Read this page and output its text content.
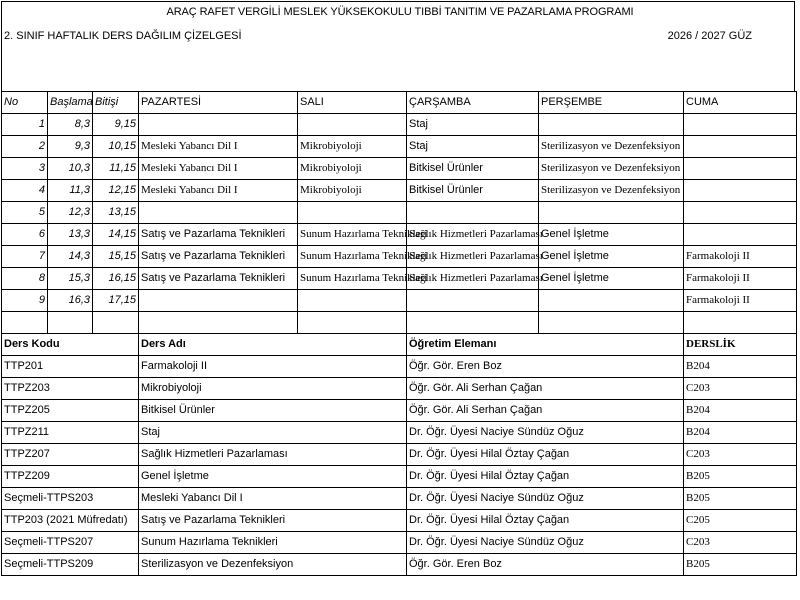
ARAÇ RAFET VERGİLİ MESLEK YÜKSEKOKULU TIBBİ TANITIM VE PAZARLAMA PROGRAMI
2. SINIF HAFTALIK DERS DAĞILIM ÇİZELGESİ	2026 / 2027 GÜZ
No	Başlama	Bitişi	PAZARTESİ	SALI	ÇARŞAMBA	PERŞEMBE	CUMA
1	8,3	9,15			Staj		
2	9,3	10,15	Mesleki Yabancı Dil I	Mikrobiyoloji	Staj	Sterilizasyon ve Dezenfeksiyon	
3	10,3	11,15	Mesleki Yabancı Dil I	Mikrobiyoloji	Bitkisel Ürünler	Sterilizasyon ve Dezenfeksiyon	
4	11,3	12,15	Mesleki Yabancı Dil I	Mikrobiyoloji	Bitkisel Ürünler	Sterilizasyon ve Dezenfeksiyon	
5	12,3	13,15					
6	13,3	14,15	Satış ve Pazarlama Teknikleri	Sunum Hazırlama Teknikleri	Sağlık Hizmetleri Pazarlaması	Genel İşletme	
7	14,3	15,15	Satış ve Pazarlama Teknikleri	Sunum Hazırlama Teknikleri	Sağlık Hizmetleri Pazarlaması	Genel İşletme	Farmakoloji II
8	15,3	16,15	Satış ve Pazarlama Teknikleri	Sunum Hazırlama Teknikleri	Sağlık Hizmetleri Pazarlaması	Genel İşletme	Farmakoloji II
9	16,3	17,15					Farmakoloji II

Ders Kodu			Ders Adı		Öğretim Elemanı		DERSLİK
TTP201			Farmakoloji II		Öğr. Gör. Eren Boz		B204
TTPZ203			Mikrobiyoloji		Öğr. Gör. Ali Serhan Çağan		C203
TTPZ205			Bitkisel Ürünler		Öğr. Gör. Ali Serhan Çağan		B204
TTPZ211			Staj		Dr. Öğr. Üyesi Naciye Sündüz Oğuz		B204
TTPZ207			Sağlık Hizmetleri Pazarlaması		Dr. Öğr. Üyesi Hilal Öztay Çağan		C203
TTPZ209			Genel İşletme		Dr. Öğr. Üyesi Hilal Öztay Çağan		B205
Seçmeli-TTPS203			Mesleki Yabancı Dil I		Dr. Öğr. Üyesi Naciye Sündüz Oğuz		B205
TTP203 (2021 Müfredatı)			Satış ve Pazarlama Teknikleri		Dr. Öğr. Üyesi Hilal Öztay Çağan		C205
Seçmeli-TTPS207			Sunum Hazırlama Teknikleri		Dr. Öğr. Üyesi Naciye Sündüz Oğuz		C203
Seçmeli-TTPS209			Sterilizasyon ve Dezenfeksiyon		Öğr. Gör. Eren Boz		B205
